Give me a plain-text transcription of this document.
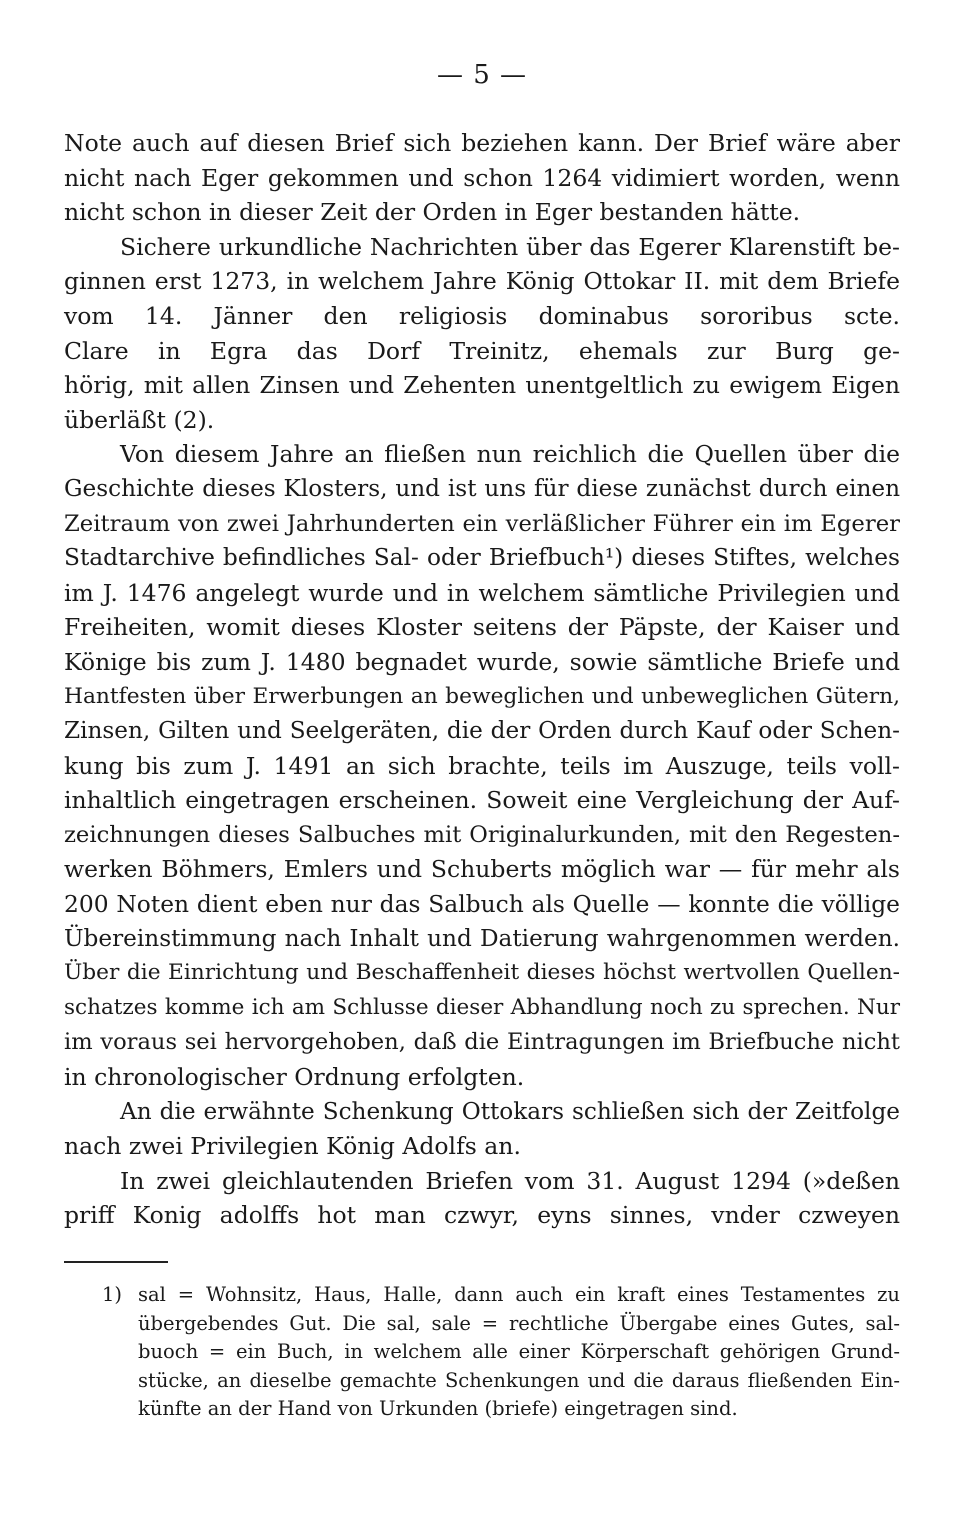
— 5 —

Note auch auf diesen Brief sich beziehen kann. Der Brief wäre aber
nicht nach Eger gekommen und schon 1264 vidimiert worden, wenn
nicht schon in dieser Zeit der Orden in Eger bestanden hätte.

Sichere urkundliche Nachrichten über das Egerer Klarenstift be-
ginnen erst 1273, in welchem Jahre König Ottokar II. mit dem Briefe
vom 14. Jänner den religiosis dominabus sororibus scte.
Clare in Egra das Dorf Treinitz, ehemals zur Burg ge-
hörig, mit allen Zinsen und Zehenten unentgeltlich zu ewigem Eigen
überläßt (2).

Von diesem Jahre an fließen nun reichlich die Quellen über die
Geschichte dieses Klosters, und ist uns für diese zunächst durch einen
Zeitraum von zwei Jahrhunderten ein verläßlicher Führer ein im Egerer
Stadtarchive befindliches Sal- oder Briefbuch¹) dieses Stiftes, welches
im J. 1476 angelegt wurde und in welchem sämtliche Privilegien und
Freiheiten, womit dieses Kloster seitens der Päpste, der Kaiser und
Könige bis zum J. 1480 begnadet wurde, sowie sämtliche Briefe und
Hantfesten über Erwerbungen an beweglichen und unbeweglichen Gütern,
Zinsen, Gilten und Seelgeräten, die der Orden durch Kauf oder Schen-
kung bis zum J. 1491 an sich brachte, teils im Auszuge, teils voll-
inhaltlich eingetragen erscheinen. Soweit eine Vergleichung der Auf-
zeichnungen dieses Salbuches mit Originalurkunden, mit den Regesten-
werken Böhmers, Emlers und Schuberts möglich war — für mehr als
200 Noten dient eben nur das Salbuch als Quelle — konnte die völlige
Übereinstimmung nach Inhalt und Datierung wahrgenommen werden.
Über die Einrichtung und Beschaffenheit dieses höchst wertvollen Quellen-
schatzes komme ich am Schlusse dieser Abhandlung noch zu sprechen. Nur
im voraus sei hervorgehoben, daß die Eintragungen im Briefbuche nicht
in chronologischer Ordnung erfolgten.

An die erwähnte Schenkung Ottokars schließen sich der Zeitfolge
nach zwei Privilegien König Adolfs an.

In zwei gleichlautenden Briefen vom 31. August 1294 (»deßen
priff Konig adolffs hot man czwyr, eyns sinnes, vnder czweyen

1) sal = Wohnsitz, Haus, Halle, dann auch ein kraft eines Testamentes zu
übergebendes Gut. Die sal, sale = rechtliche Übergabe eines Gutes, sal-
buoch = ein Buch, in welchem alle einer Körperschaft gehörigen Grund-
stücke, an dieselbe gemachte Schenkungen und die daraus fließenden Ein-
künfte an der Hand von Urkunden (briefe) eingetragen sind.
